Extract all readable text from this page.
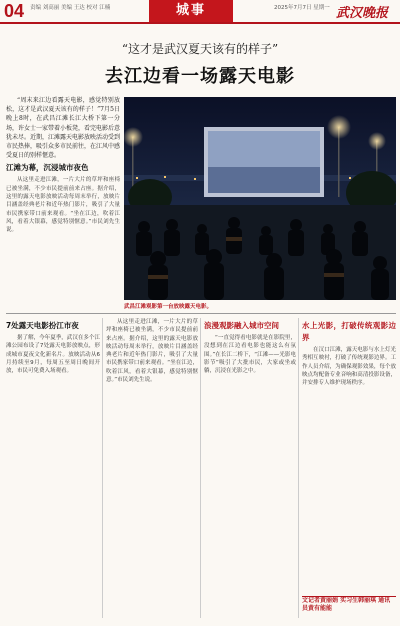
04 责编 刘高丽 美编 王达 校对 江楠	城事	2025年7月7日 星期一 武汉晚报
“这才是武汉夏天该有的样子”
去江边看一场露天电影

“周末来江边看露天电影，感觉特别放松，这才是武汉夏天该有的样子！”7月5日晚上8时，在武昌江滩长江大桥下第一分场，许女士一家带着小板凳，看完电影后意犹未尽。近期，江滩露天电影放映活动受到市民热捧，吸引众多市民前往，在江风中感受夏日的别样惬意。

江滩为幕，沉浸城市夜色

从这里走进江滩，一片大片的草坪和座椅已被坐满，不少市民提前前来占座。据介绍，这里的露天电影放映活动每周末举行，放映片目涵盖经典老片和近年热门影片，吸引了大量市民携家带口前来观看。“坐在江边，吹着江风，看着大银幕，感觉特别惬意。”市民刘先生说。

武昌江滩观影第一台放映露天电影。

7处露天电影扮江市夜

据了解，今年夏季，武汉在多个江滩公园布设了7处露天电影放映点，形成城市夏夜文化新名片。放映活动从6月持续至9月，每周五至周日晚间开放，市民可免费入场观看。

从这里走进江滩，一片大片的草坪和座椅已被坐满，不少市民提前前来占座。据介绍，这里的露天电影放映活动每周末举行，放映片目涵盖经典老片和近年热门影片，吸引了大量市民携家带口前来观看。“坐在江边，吹着江风，看着大银幕，感觉特别惬意。”市民刘先生说。

浪漫观影融入城市空间

“一直觉得看电影就是在影院里，没想到在江边看电影也能这么有氛围。”在长江二桥下，“江滩——光影电影节”吸引了大批市民，大家或坐或躺，沉浸在光影之中。

水上光影，打破传统观影边界

在汉口江滩，露天电影与水上灯光秀相互映衬，打破了传统观影边界。工作人员介绍，为确保观影效果，每个放映点均配备专业音响和高清投影设备，并安排专人维护现场秩序。

文记者黄丽娟 实习生韩丽琪 通讯员黄有能能
